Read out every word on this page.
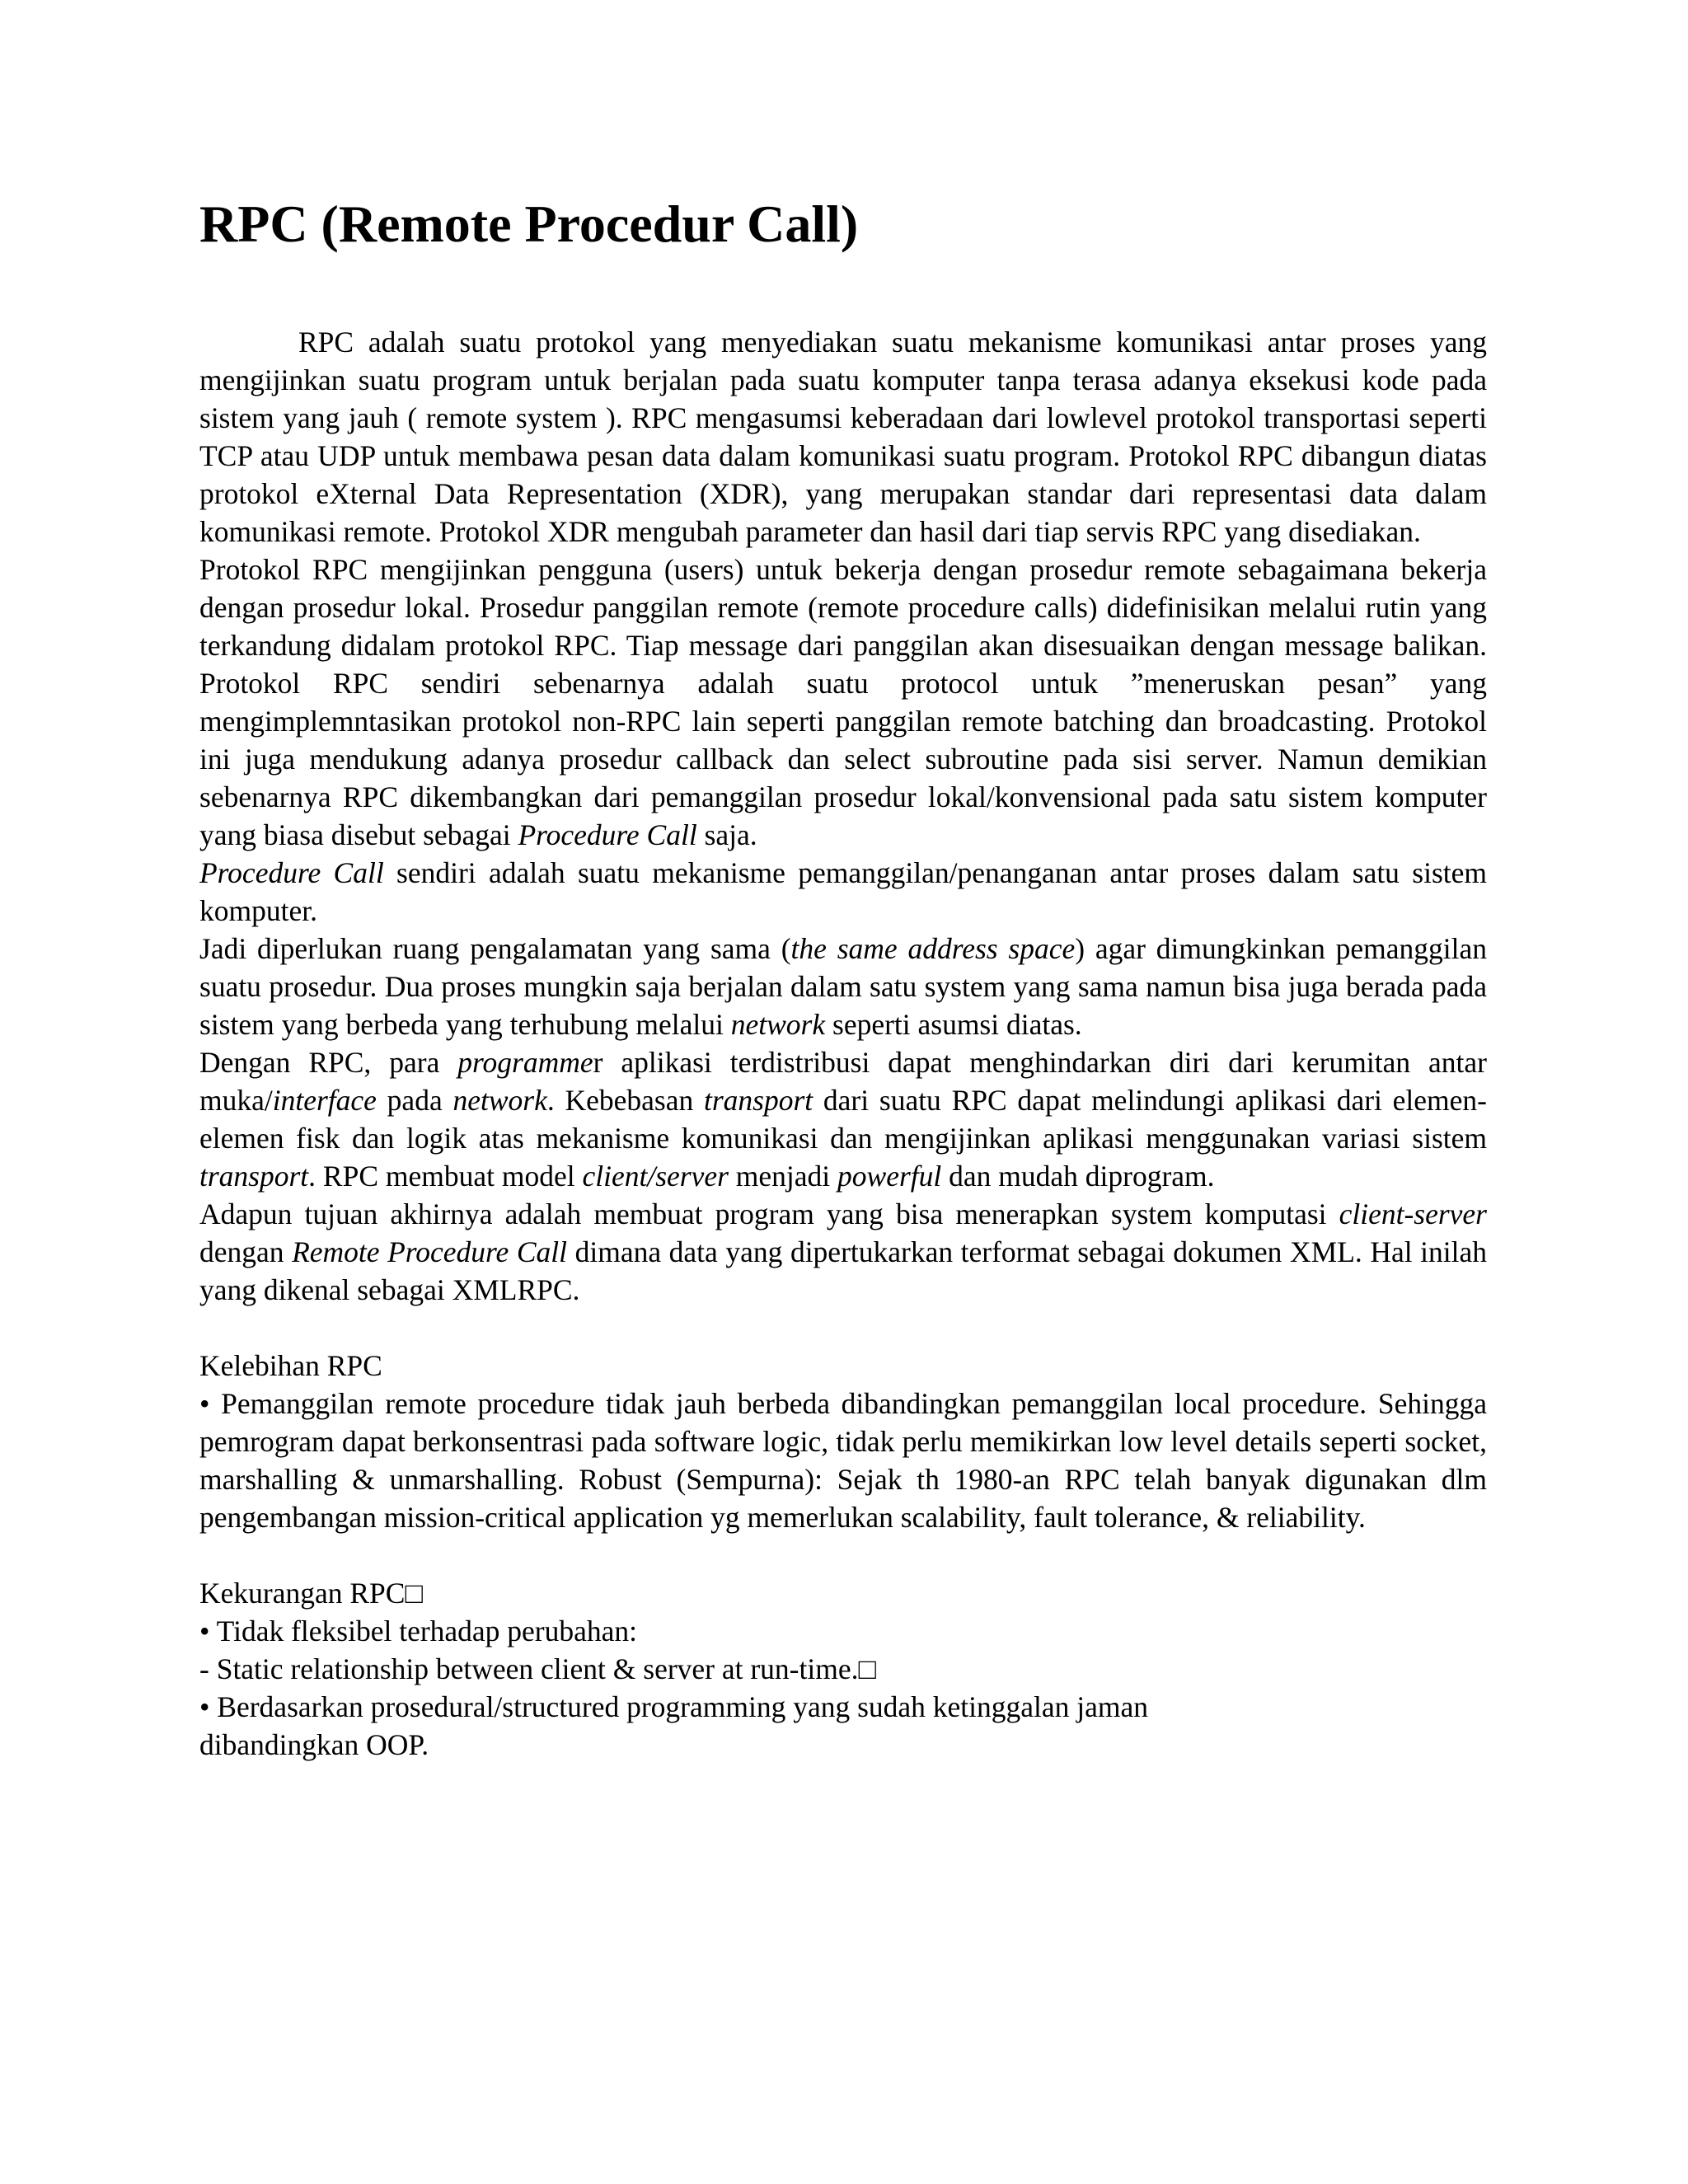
RPC (Remote Procedur Call)

RPC adalah suatu protokol yang menyediakan suatu mekanisme komunikasi antar proses yang mengijinkan suatu program untuk berjalan pada suatu komputer tanpa terasa adanya eksekusi kode pada sistem yang jauh ( remote system ). RPC mengasumsi keberadaan dari lowlevel protokol transportasi seperti TCP atau UDP untuk membawa pesan data dalam komunikasi suatu program. Protokol RPC dibangun diatas protokol eXternal Data Representation (XDR), yang merupakan standar dari representasi data dalam komunikasi remote. Protokol XDR mengubah parameter dan hasil dari tiap servis RPC yang disediakan.

Protokol RPC mengijinkan pengguna (users) untuk bekerja dengan prosedur remote sebagaimana bekerja dengan prosedur lokal. Prosedur panggilan remote (remote procedure calls) didefinisikan melalui rutin yang terkandung didalam protokol RPC. Tiap message dari panggilan akan disesuaikan dengan message balikan. Protokol RPC sendiri sebenarnya adalah suatu protocol untuk ”meneruskan pesan” yang mengimplemntasikan protokol non-RPC lain seperti panggilan remote batching dan broadcasting. Protokol ini juga mendukung adanya prosedur callback dan select subroutine pada sisi server. Namun demikian sebenarnya RPC dikembangkan dari pemanggilan prosedur lokal/konvensional pada satu sistem komputer yang biasa disebut sebagai Procedure Call saja.

Procedure Call sendiri adalah suatu mekanisme pemanggilan/penanganan antar proses dalam satu sistem komputer.

Jadi diperlukan ruang pengalamatan yang sama (the same address space) agar dimungkinkan pemanggilan suatu prosedur. Dua proses mungkin saja berjalan dalam satu system yang sama namun bisa juga berada pada sistem yang berbeda yang terhubung melalui network seperti asumsi diatas.

Dengan RPC, para programmer aplikasi terdistribusi dapat menghindarkan diri dari kerumitan antar muka/interface pada network. Kebebasan transport dari suatu RPC dapat melindungi aplikasi dari elemen-elemen fisk dan logik atas mekanisme komunikasi dan mengijinkan aplikasi menggunakan variasi sistem transport. RPC membuat model client/server menjadi powerful dan mudah diprogram.

Adapun tujuan akhirnya adalah membuat program yang bisa menerapkan system komputasi client-server dengan Remote Procedure Call dimana data yang dipertukarkan terformat sebagai dokumen XML. Hal inilah yang dikenal sebagai XMLRPC.

Kelebihan RPC

• Pemanggilan remote procedure tidak jauh berbeda dibandingkan pemanggilan local procedure. Sehingga pemrogram dapat berkonsentrasi pada software logic, tidak perlu memikirkan low level details seperti socket, marshalling & unmarshalling. Robust (Sempurna): Sejak th 1980-an RPC telah banyak digunakan dlm pengembangan mission-critical application yg memerlukan scalability, fault tolerance, & reliability.

Kekurangan RPC□

• Tidak fleksibel terhadap perubahan:

- Static relationship between client & server at run-time.□

• Berdasarkan prosedural/structured programming yang sudah ketinggalan jaman

dibandingkan OOP.
